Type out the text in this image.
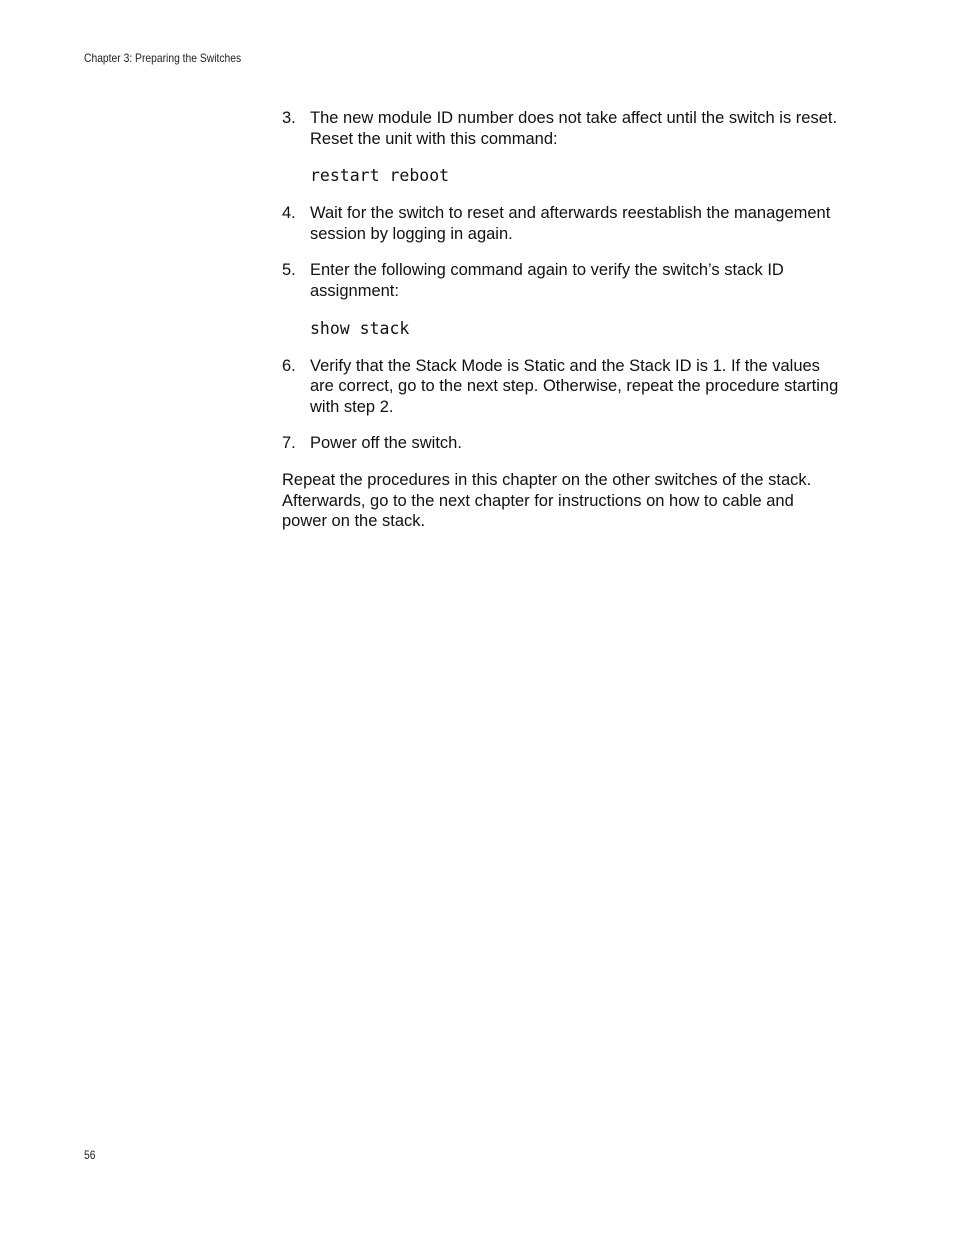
Chapter 3: Preparing the Switches
3. The new module ID number does not take affect until the switch is reset. Reset the unit with this command:

restart reboot
4. Wait for the switch to reset and afterwards reestablish the management session by logging in again.

5. Enter the following command again to verify the switch’s stack ID assignment:

show stack
6. Verify that the Stack Mode is Static and the Stack ID is 1. If the values are correct, go to the next step. Otherwise, repeat the procedure starting with step 2.

7. Power off the switch.

Repeat the procedures in this chapter on the other switches of the stack. Afterwards, go to the next chapter for instructions on how to cable and power on the stack.

56
